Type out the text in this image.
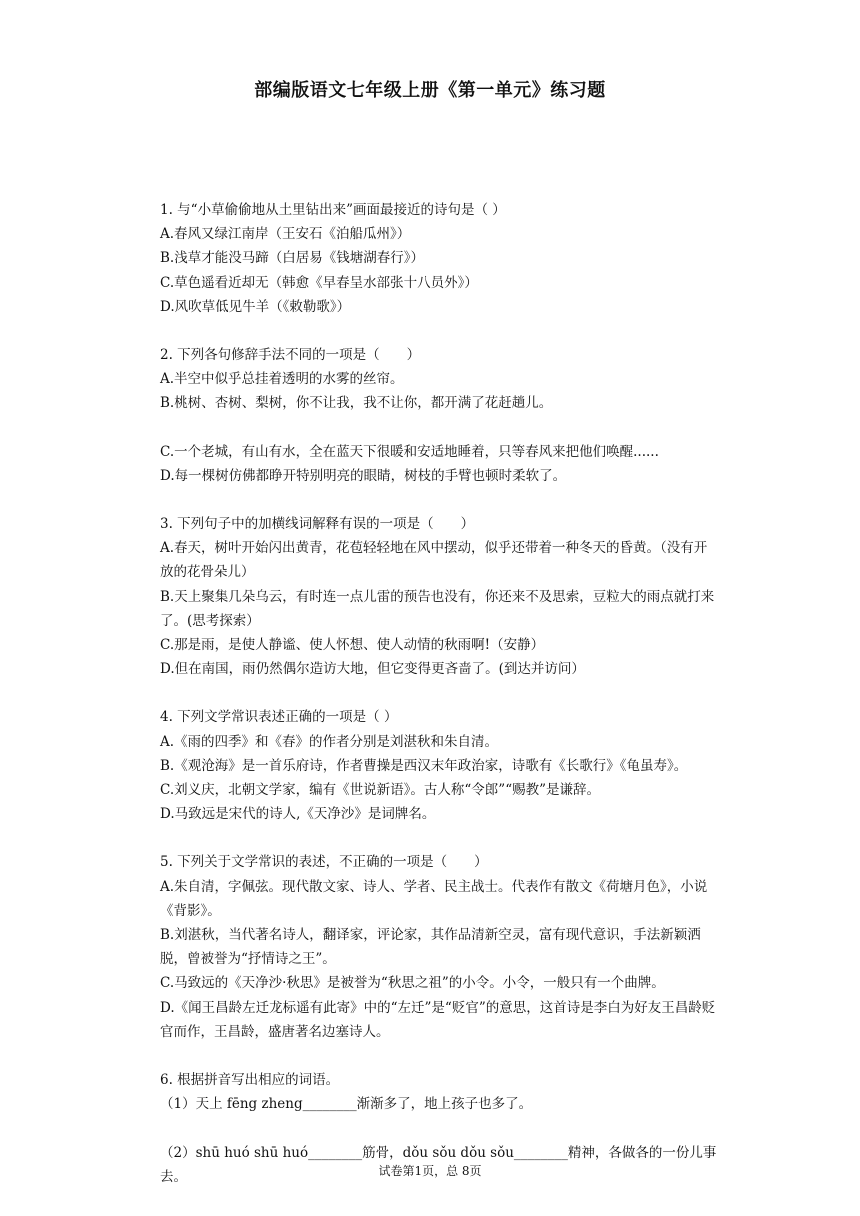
部编版语文七年级上册《第一单元》练习题

1. 与“小草偷偷地从土里钻出来”画面最接近的诗句是（ ）

A.春风又绿江南岸（王安石《泊船瓜州》）

B.浅草才能没马蹄（白居易《钱塘湖春行》）

C.草色遥看近却无（韩愈《早春呈水部张十八员外》）

D.风吹草低见牛羊（《敕勒歌》）

2. 下列各句修辞手法不同的一项是（　　）

A.半空中似乎总挂着透明的水雾的丝帘。

B.桃树、杏树、梨树，你不让我，我不让你，都开满了花赶趟儿。

C.一个老城，有山有水，全在蓝天下很暖和安适地睡着，只等春风来把他们唤醒......

D.每一棵树仿佛都睁开特别明亮的眼睛，树枝的手臂也顿时柔软了。

3. 下列句子中的加横线词解释有误的一项是（　　）

A.春天，树叶开始闪出黄青，花苞轻轻地在风中摆动，似乎还带着一种冬天的昏黄。（没有开放的花骨朵儿）

B.天上聚集几朵乌云，有时连一点儿雷的预告也没有，你还来不及思索，豆粒大的雨点就打来了。(思考探索）

C.那是雨，是使人静谧、使人怀想、使人动情的秋雨啊!（安静）

D.但在南国，雨仍然偶尔造访大地，但它变得更吝啬了。(到达并访问）

4. 下列文学常识表述正确的一项是（ ）

A.《雨的四季》和《春》的作者分别是刘湛秋和朱自清。

B.《观沧海》是一首乐府诗，作者曹操是西汉末年政治家，诗歌有《长歌行》《龟虽寿》。

C.刘义庆，北朝文学家，编有《世说新语》。古人称“令郎”“赐教”是谦辞。

D.马致远是宋代的诗人,《天净沙》是词牌名。

5. 下列关于文学常识的表述，不正确的一项是（　　）

A.朱自清，字佩弦。现代散文家、诗人、学者、民主战士。代表作有散文《荷塘月色》，小说《背影》。

B.刘湛秋，当代著名诗人，翻译家，评论家，其作品清新空灵，富有现代意识，手法新颖洒脱，曾被誉为“抒情诗之王”。

C.马致远的《天净沙·秋思》是被誉为“秋思之祖”的小令。小令，一般只有一个曲牌。

D.《闻王昌龄左迁龙标遥有此寄》中的“左迁”是“贬官”的意思，这首诗是李白为好友王昌龄贬官而作，王昌龄，盛唐著名边塞诗人。

6. 根据拼音写出相应的词语。

（1）天上 fēng zheng________渐渐多了，地上孩子也多了。

（2）shū huó shū huó________筋骨，dǒu sǒu dǒu sǒu________精神，各做各的一份儿事去。	试卷第1页，总 8页
